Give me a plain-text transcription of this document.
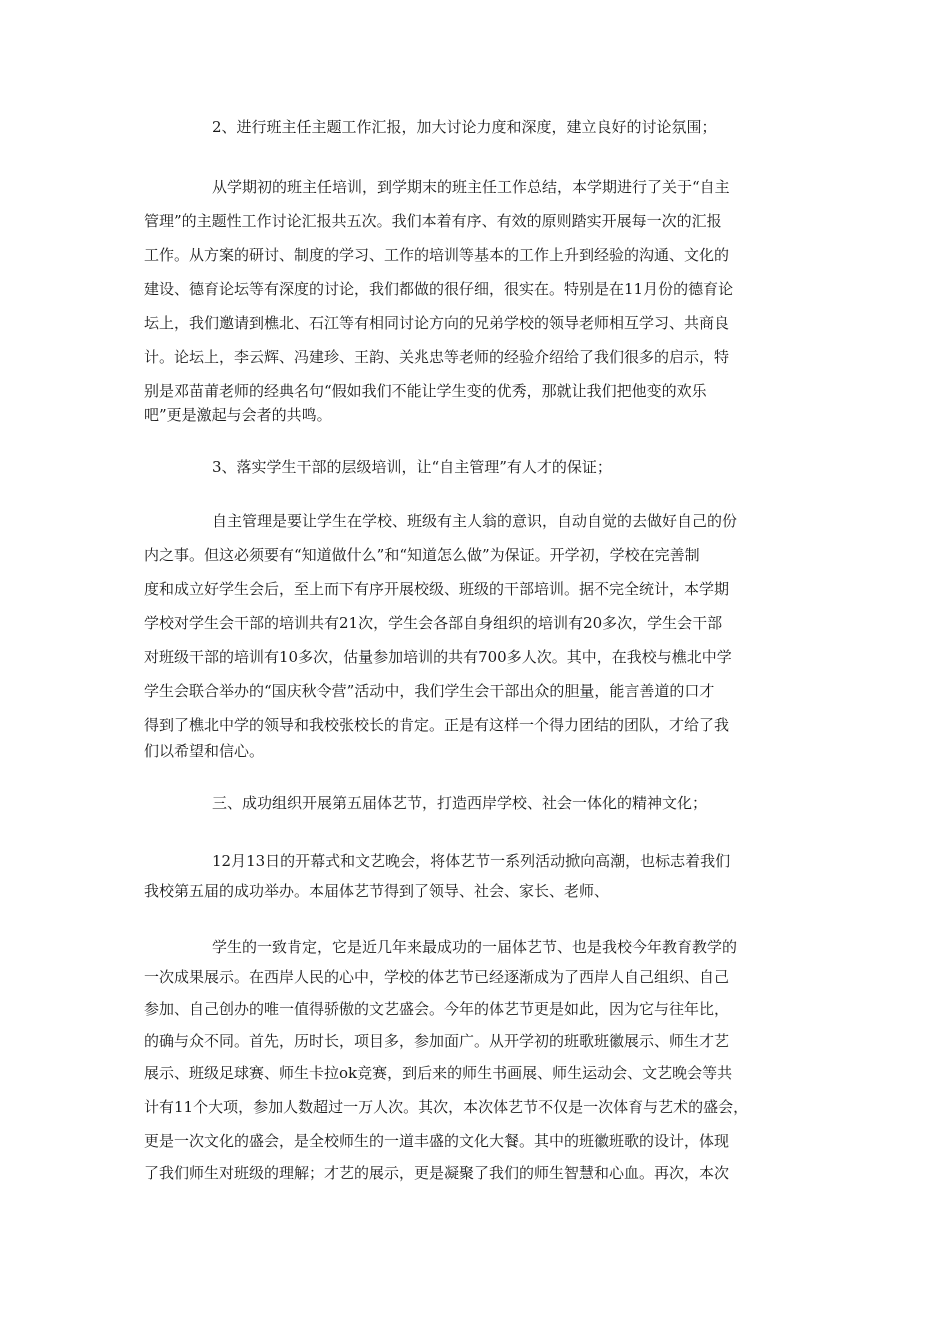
2、进行班主任主题工作汇报，加大讨论力度和深度，建立良好的讨论氛围；
从学期初的班主任培训，到学期末的班主任工作总结，本学期进行了关于“自主
管理”的主题性工作讨论汇报共五次。我们本着有序、有效的原则踏实开展每一次的汇报
工作。从方案的研讨、制度的学习、工作的培训等基本的工作上升到经验的沟通、文化的
建设、德育论坛等有深度的讨论，我们都做的很仔细，很实在。特别是在11月份的德育论
坛上，我们邀请到樵北、石江等有相同讨论方向的兄弟学校的领导老师相互学习、共商良
计。论坛上，李云辉、冯建珍、王韵、关兆忠等老师的经验介绍给了我们很多的启示，特
别是邓苗莆老师的经典名句“假如我们不能让学生变的优秀，那就让我们把他变的欢乐
吧”更是激起与会者的共鸣。
3、落实学生干部的层级培训，让“自主管理”有人才的保证；
自主管理是要让学生在学校、班级有主人翁的意识，自动自觉的去做好自己的份
内之事。但这必须要有“知道做什么”和“知道怎么做”为保证。开学初，学校在完善制
度和成立好学生会后，至上而下有序开展校级、班级的干部培训。据不完全统计，本学期
学校对学生会干部的培训共有21次，学生会各部自身组织的培训有20多次，学生会干部
对班级干部的培训有10多次，估量参加培训的共有700多人次。其中，在我校与樵北中学
学生会联合举办的“国庆秋令营”活动中，我们学生会干部出众的胆量，能言善道的口才
得到了樵北中学的领导和我校张校长的肯定。正是有这样一个得力团结的团队，才给了我
们以希望和信心。
三、成功组织开展第五届体艺节，打造西岸学校、社会一体化的精神文化；
12月13日的开幕式和文艺晚会，将体艺节一系列活动掀向高潮，也标志着我们
我校第五届的成功举办。本届体艺节得到了领导、社会、家长、老师、
学生的一致肯定，它是近几年来最成功的一届体艺节、也是我校今年教育教学的
一次成果展示。在西岸人民的心中，学校的体艺节已经逐渐成为了西岸人自己组织、自己
参加、自己创办的唯一值得骄傲的文艺盛会。今年的体艺节更是如此，因为它与往年比，
的确与众不同。首先，历时长，项目多，参加面广。从开学初的班歌班徽展示、师生才艺
展示、班级足球赛、师生卡拉ok竞赛，到后来的师生书画展、师生运动会、文艺晚会等共
计有11个大项，参加人数超过一万人次。其次，本次体艺节不仅是一次体育与艺术的盛会，
更是一次文化的盛会，是全校师生的一道丰盛的文化大餐。其中的班徽班歌的设计，体现
了我们师生对班级的理解；才艺的展示，更是凝聚了我们的师生智慧和心血。再次，本次
